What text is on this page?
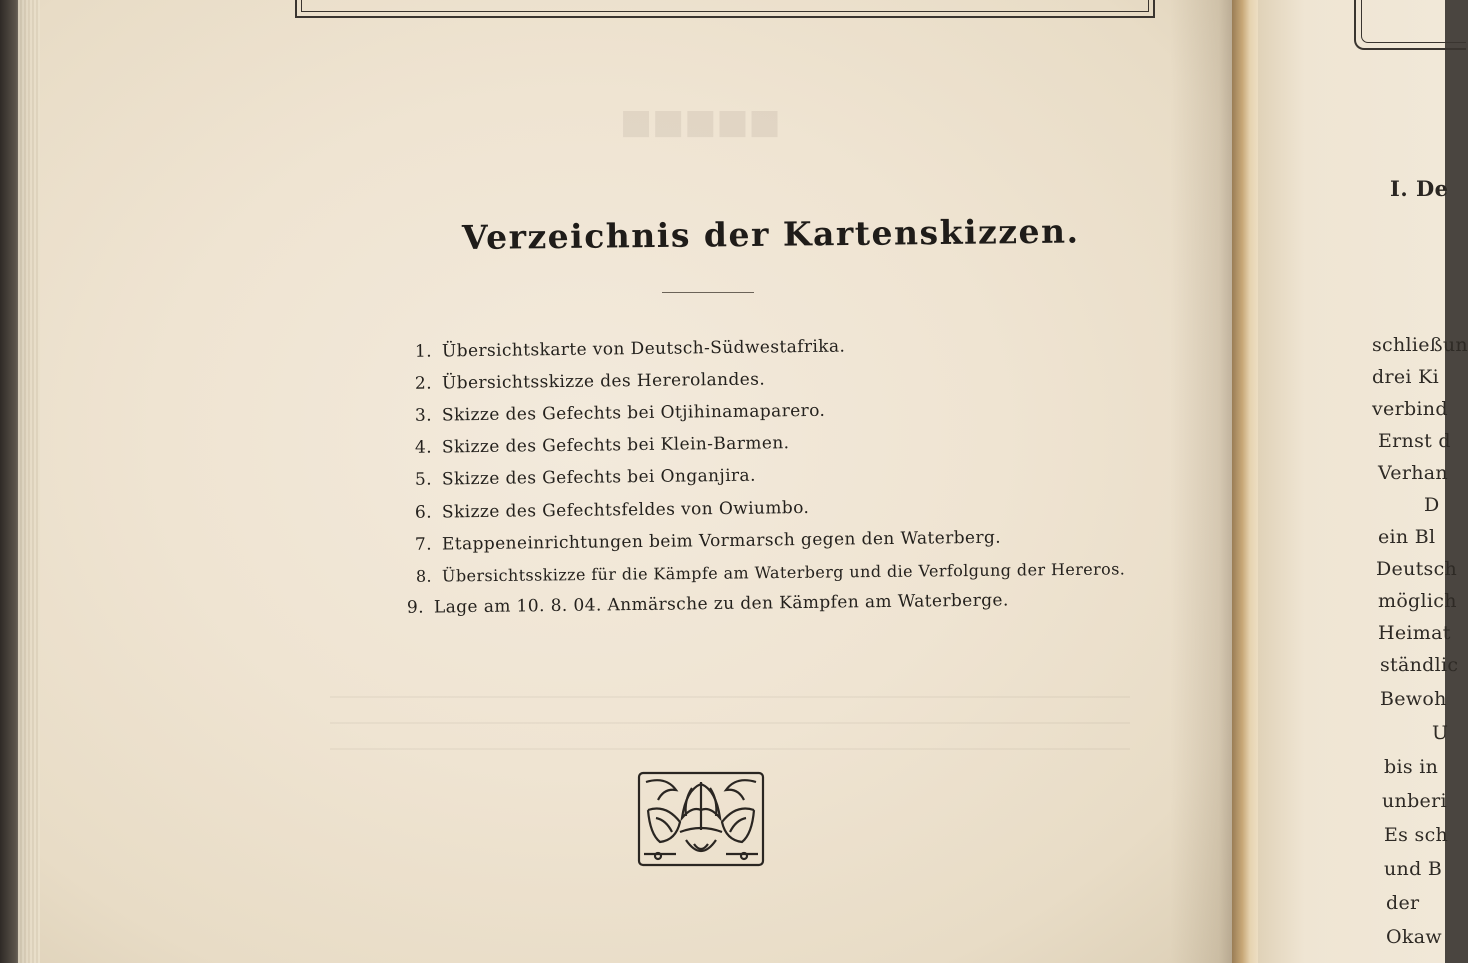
■■■■■
Verzeichnis der Kartenskizzen.
1. Übersichtskarte von Deutsch-Südwestafrika.
2. Übersichtsskizze des Hererolandes.
3. Skizze des Gefechts bei Otjihinamaparero.
4. Skizze des Gefechts bei Klein-Barmen.
5. Skizze des Gefechts bei Onganjira.
6. Skizze des Gefechtsfeldes von Owiumbo.
7. Etappeneinrichtungen beim Vormarsch gegen den Waterberg.
8. Übersichtsskizze für die Kämpfe am Waterberg und die Verfolgung der Hereros.
9. Lage am 10. 8. 04. Anmärsche zu den Kämpfen am Waterberge.
I. De
schließun
drei Ki
verbind
Ernst d
Verhan
D
ein Bl
Deutsch
möglich
Heimat
ständlic
Bewoh
U
bis in
unberi
Es sch
und B
der
Okaw
